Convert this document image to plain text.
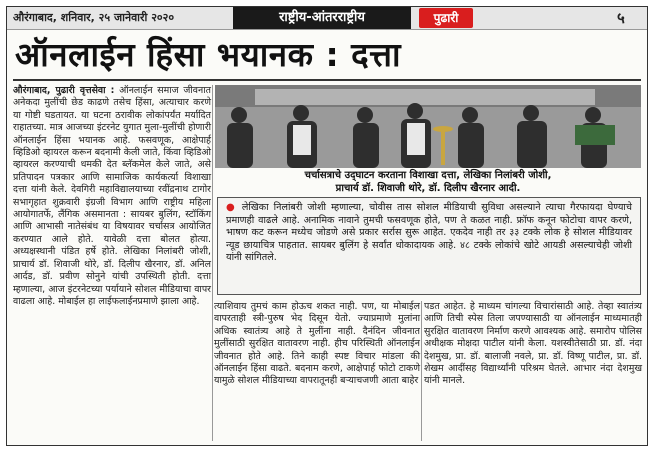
औरंगाबाद, शनिवार, २५ जानेवारी २०२०	राष्ट्रीय-आंतरराष्ट्रीय	पुढारी	५
ऑनलाईन हिंसा भयानक : दत्ता

औरंगाबाद, पुढारी वृत्तसेवा : ऑनलाईन समाज जीवनात अनेकदा मुलींची छेड काढणे तसेच हिंसा, अत्याचार करणे या गोष्टी घडतायत. या घटना ठरावीक लोकांपर्यंत मर्यादित राहातच्या. मात्र आजच्या इंटरनेट युगात मुला-मुलींची होणारी ऑनलाईन हिंसा भयानक आहे. फसवणूक, आक्षेपार्ह व्हिडिओ व्हायरल करून बदनामी केली जाते, किंवा व्हिडिओ व्हायरल करण्याची धमकी देत ब्लॅकमेल केले जाते, असे प्रतिपादन पत्रकार आणि सामाजिक कार्यकर्त्या विशाखा दत्ता यांनी केले. देवगिरी महाविद्यालयाच्या रवींद्रनाथ टागोर सभागृहात शुक्रवारी इंग्रजी विभाग आणि राष्ट्रीय महिला आयोगातर्फे, लैंगिक असमानता : सायबर बुलिंग, स्टॉकिंग आणि आभासी नातेसंबंध या विषयावर चर्चासत्र आयोजित करण्यात आले होते. यावेळी दत्ता बोलत होत्या. अध्यक्षस्थानी पंडित हर्षे होते. लेखिका निलांबरी जोशी, प्राचार्य डॉ. शिवाजी थोरे, डॉ. दिलीप खैरनार, डॉ. अनिल आर्दड, डॉ. प्रवीण सोनुने यांची उपस्थिती होती. दत्ता म्हणाल्या, आज इंटरनेटच्या पर्यायाने सोशल मीडियाचा वापर वाढला आहे. मोबाईल हा लाईफलाईनप्रमाणे झाला आहे.

चर्चासत्राचे उद्‌घाटन करताना विशाखा दत्ता, लेखिका निलांबरी जोशी,
प्राचार्य डॉ. शिवाजी थोरे, डॉ. दिलीप खैरनार आदी.
● लेखिका निलांबरी जोशी म्हणाल्या, चोवीस तास सोशल मीडियाची सुविधा असल्याने त्याचा गैरफायदा घेण्याचे प्रमाणही वाढले आहे. अनामिक नावाने तुमची फसवणूक होते, पण ते कळत नाही. फ्रॉफ कनून फोटोचा वापर करणे, भाषण कट करून मध्येच जोडणे असे प्रकार सर्रास सुरू आहेत. एकदेव नाही तर ३३ टक्के लोक हे सोशल मीडियावर न्यूड छायाचित्र पाहतात. सायबर बुलिंग हे सर्वांत धोकादायक आहे. ४८ टक्के लोकांचे खोटे आयडी असल्याचेही जोशी यांनी सांगितले.

त्याशिवाय तुमचं काम होऊच शकत नाही. पण, या मोबाईल वापरताही स्त्री-पुरुष भेद दिसून येतो. ज्याप्रमाणे मुलांना अधिक स्वातंत्र्य आहे ते मुलींना नाही. दैनंदिन जीवनात मुलींसाठी सुरक्षित वातावरण नाही. हीच परिस्थिती ऑनलाईन जीवनात होते आहे. तिने काही स्पष्ट विचार मांडला की ऑनलाईन हिंसा वाढते. बदनाम करणे, आक्षेपार्ह फोटो टाकणे यामुळे सोशल मीडियाच्या वापरातूनही बऱ्याचजणी आता बाहेर

पडत आहेत. हे माध्यम चांगल्या विचारांसाठी आहे. तेव्हा स्वातंत्र्य आणि तिची स्पेस तिला जपण्यासाठी या ऑनलाईन माध्यमातही सुरक्षित वातावरण निर्माण करणे आवश्यक आहे. समारोप पोलिस अधीक्षक मोक्षदा पाटील यांनी केला. यशस्वीतेसाठी प्रा. डॉ. नंदा देशमुख, प्रा. डॉ. बालाजी नवले, प्रा. डॉ. विष्णू पाटील, प्रा. डॉ. शेखम आदींसह विद्यार्थ्यांनी परिश्रम घेतले. आभार नंदा देशमुख यांनी मानले.
